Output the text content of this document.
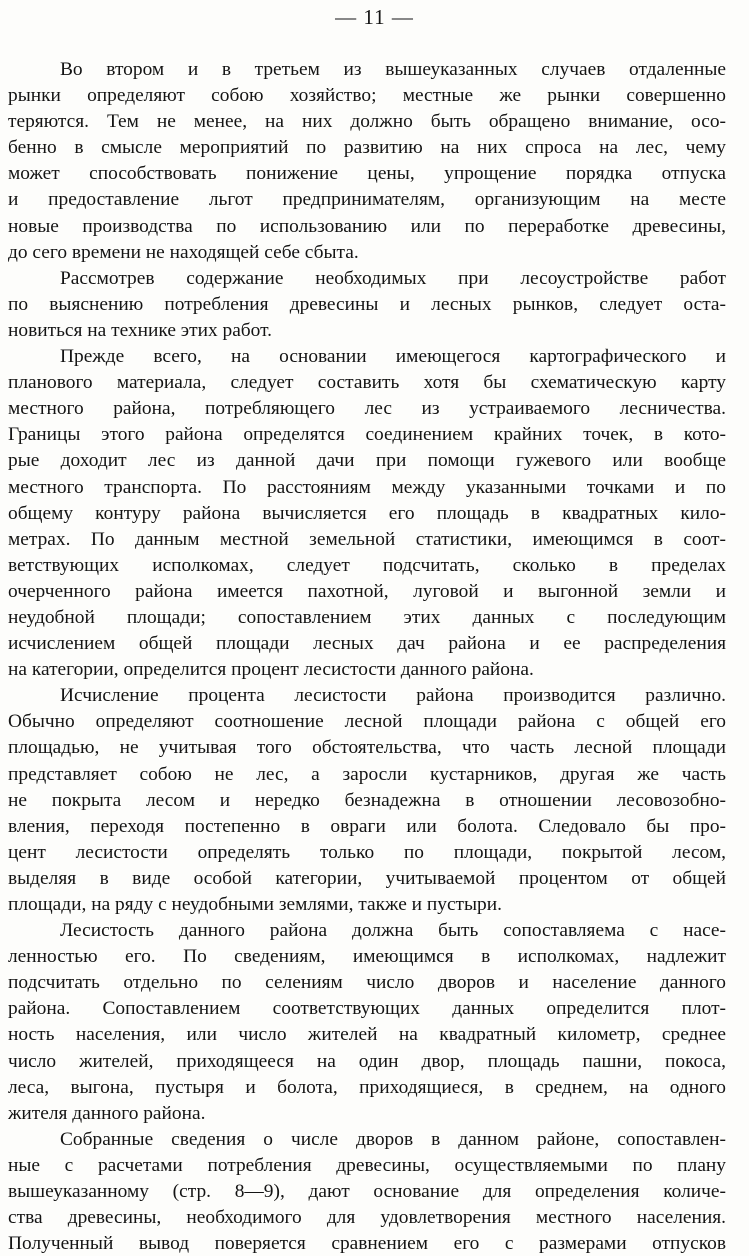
— 11 —
Во втором и в третьем из вышеуказанных случаев отдаленные
рынки определяют собою хозяйство; местные же рынки совершенно
теряются. Тем не менее, на них должно быть обращено внимание, осо-
бенно в смысле мероприятий по развитию на них спроса на лес, чему
может способствовать понижение цены, упрощение порядка отпуска
и предоставление льгот предпринимателям, организующим на месте
новые производства по использованию или по переработке древесины,
до сего времени не находящей себе сбыта.
Рассмотрев содержание необходимых при лесоустройстве работ
по выяснению потребления древесины и лесных рынков, следует оста-
новиться на технике этих работ.
Прежде всего, на основании имеющегося картографического и
планового материала, следует составить хотя бы схематическую карту
местного района, потребляющего лес из устраиваемого лесничества.
Границы этого района определятся соединением крайних точек, в кото-
рые доходит лес из данной дачи при помощи гужевого или вообще
местного транспорта. По расстояниям между указанными точками и по
общему контуру района вычисляется его площадь в квадратных кило-
метрах. По данным местной земельной статистики, имеющимся в соот-
ветствующих исполкомах, следует подсчитать, сколько в пределах
очерченного района имеется пахотной, луговой и выгонной земли и
неудобной площади; сопоставлением этих данных с последующим
исчислением общей площади лесных дач района и ее распределения
на категории, определится процент лесистости данного района.
Исчисление процента лесистости района производится различно.
Обычно определяют соотношение лесной площади района с общей его
площадью, не учитывая того обстоятельства, что часть лесной площади
представляет собою не лес, а заросли кустарников, другая же часть
не покрыта лесом и нередко безнадежна в отношении лесовозобно-
вления, переходя постепенно в овраги или болота. Следовало бы про-
цент лесистости определять только по площади, покрытой лесом,
выделяя в виде особой категории, учитываемой процентом от общей
площади, на ряду с неудобными землями, также и пустыри.
Лесистость данного района должна быть сопоставляема с насе-
ленностью его. По сведениям, имеющимся в исполкомах, надлежит
подсчитать отдельно по селениям число дворов и население данного
района. Сопоставлением соответствующих данных определится плот-
ность населения, или число жителей на квадратный километр, среднее
число жителей, приходящееся на один двор, площадь пашни, покоса,
леса, выгона, пустыря и болота, приходящиеся, в среднем, на одного
жителя данного района.
Собранные сведения о числе дворов в данном районе, сопоставлен-
ные с расчетами потребления древесины, осуществляемыми по плану
вышеуказанному (стр. 8—9), дают основание для определения количе-
ства древесины, необходимого для удовлетворения местного населения.
Полученный вывод поверяется сравнением его с размерами отпусков
